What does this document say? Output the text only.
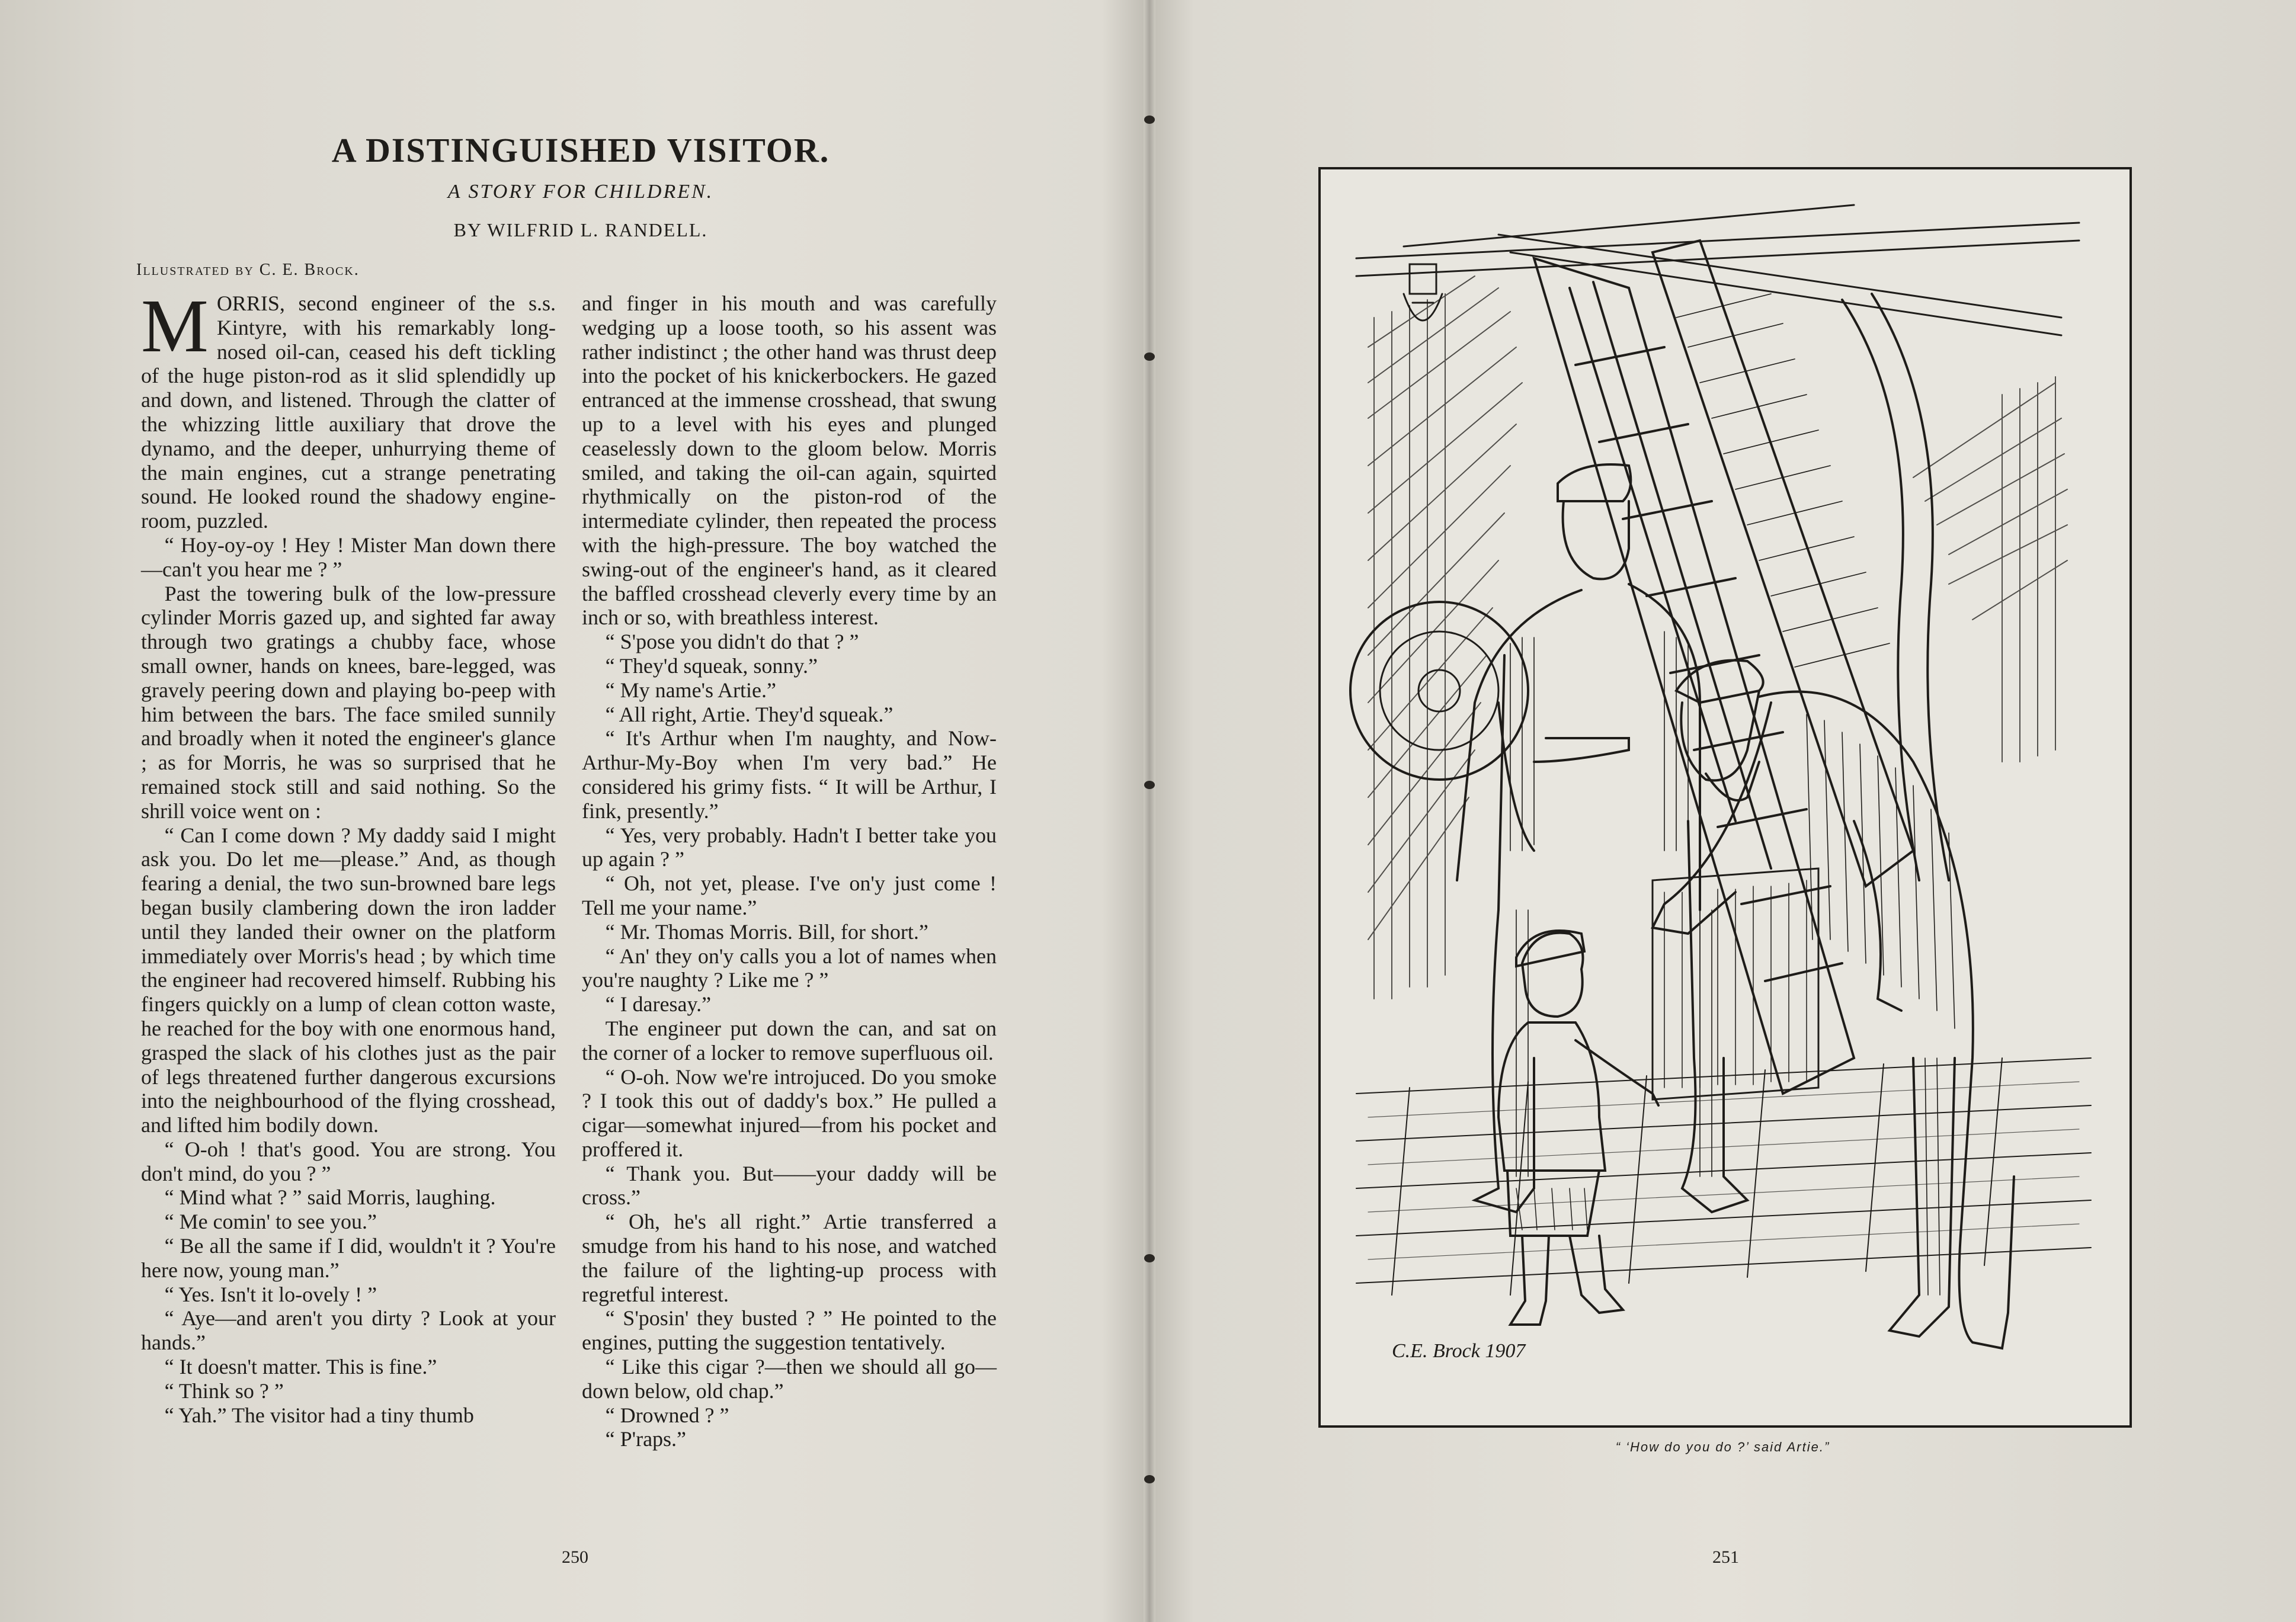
A DISTINGUISHED VISITOR.
A STORY FOR CHILDREN.
BY WILFRID L. RANDELL.
Illustrated by C. E. Brock.

MORRIS, second engineer of the s.s. Kintyre, with his remarkably long-nosed oil-can, ceased his deft tickling of the huge piston-rod as it slid splendidly up and down, and listened. Through the clatter of the whizzing little auxiliary that drove the dynamo, and the deeper, unhurrying theme of the main engines, cut a strange penetrating sound. He looked round the shadowy engine-room, puzzled.

“ Hoy-oy-oy ! Hey ! Mister Man down there—can't you hear me ? ”

Past the towering bulk of the low-pressure cylinder Morris gazed up, and sighted far away through two gratings a chubby face, whose small owner, hands on knees, bare-legged, was gravely peering down and playing bo-peep with him between the bars. The face smiled sunnily and broadly when it noted the engineer's glance ; as for Morris, he was so surprised that he remained stock still and said nothing. So the shrill voice went on :

“ Can I come down ? My daddy said I might ask you. Do let me—please.” And, as though fearing a denial, the two sun-browned bare legs began busily clambering down the iron ladder until they landed their owner on the platform immediately over Morris's head ; by which time the engineer had recovered himself. Rubbing his fingers quickly on a lump of clean cotton waste, he reached for the boy with one enormous hand, grasped the slack of his clothes just as the pair of legs threatened further dangerous excursions into the neighbourhood of the flying crosshead, and lifted him bodily down.

“ O-oh ! that's good. You are strong. You don't mind, do you ? ”

“ Mind what ? ” said Morris, laughing.

“ Me comin' to see you.”

“ Be all the same if I did, wouldn't it ? You're here now, young man.”

“ Yes. Isn't it lo-ovely ! ”

“ Aye—and aren't you dirty ? Look at your hands.”

“ It doesn't matter. This is fine.”

“ Think so ? ”

“ Yah.” The visitor had a tiny thumb

and finger in his mouth and was carefully wedging up a loose tooth, so his assent was rather indistinct ; the other hand was thrust deep into the pocket of his knickerbockers. He gazed entranced at the immense crosshead, that swung up to a level with his eyes and plunged ceaselessly down to the gloom below. Morris smiled, and taking the oil-can again, squirted rhythmically on the piston-rod of the intermediate cylinder, then repeated the process with the high-pressure. The boy watched the swing-out of the engineer's hand, as it cleared the baffled crosshead cleverly every time by an inch or so, with breathless interest.

“ S'pose you didn't do that ? ”

“ They'd squeak, sonny.”

“ My name's Artie.”

“ All right, Artie. They'd squeak.”

“ It's Arthur when I'm naughty, and Now-Arthur-My-Boy when I'm very bad.” He considered his grimy fists. “ It will be Arthur, I fink, presently.”

“ Yes, very probably. Hadn't I better take you up again ? ”

“ Oh, not yet, please. I've on'y just come ! Tell me your name.”

“ Mr. Thomas Morris. Bill, for short.”

“ An' they on'y calls you a lot of names when you're naughty ? Like me ? ”

“ I daresay.”

The engineer put down the can, and sat on the corner of a locker to remove superfluous oil.

“ O-oh. Now we're introjuced. Do you smoke ? I took this out of daddy's box.” He pulled a cigar—somewhat injured—from his pocket and proffered it.

“ Thank you. But——your daddy will be cross.”

“ Oh, he's all right.” Artie transferred a smudge from his hand to his nose, and watched the failure of the lighting-up process with regretful interest.

“ S'posin' they busted ? ” He pointed to the engines, putting the suggestion tentatively.

“ Like this cigar ?—then we should all go—down below, old chap.”

“ Drowned ? ”

“ P'raps.”

250
C.E. Brock 1907
“ ‘How do you do ?’ said Artie.”
251
